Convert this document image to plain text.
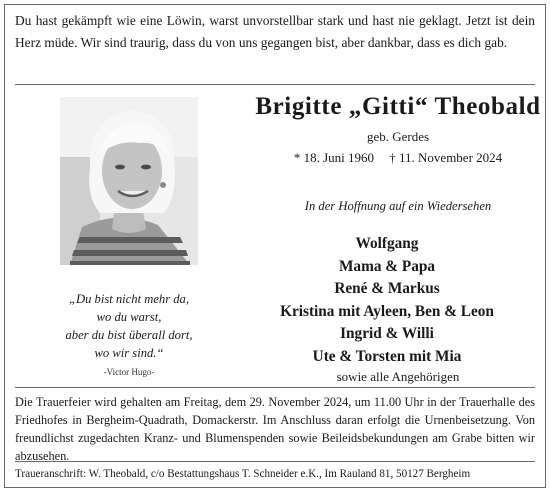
Du hast gekämpft wie eine Löwin, warst unvorstellbar stark und hast nie geklagt. Jetzt ist dein Herz müde. Wir sind traurig, dass du von uns gegangen bist, aber dankbar, dass es dich gab.
„Du bist nicht mehr da,
wo du warst,
aber du bist überall dort,
wo wir sind.“
-Victor Hugo-
Brigitte „Gitti“ Theobald
geb. Gerdes
* 18. Juni 1960 † 11. November 2024
In der Hoffnung auf ein Wiedersehen
Wolfgang
Mama & Papa
René & Markus
Kristina mit Ayleen, Ben & Leon
Ingrid & Willi
Ute & Torsten mit Mia
sowie alle Angehörigen
Die Trauerfeier wird gehalten am Freitag, dem 29. November 2024, um 11.00 Uhr in der Trauerhalle des Friedhofes in Bergheim-Quadrath, Domackerstr. Im Anschluss daran erfolgt die Urnenbeisetzung. Von freundlichst zugedachten Kranz- und Blumenspenden sowie Beileidsbekundungen am Grabe bitten wir abzusehen.
Traueranschrift: W. Theobald, c/o Bestattungshaus T. Schneider e.K., Im Rauland 81, 50127 Bergheim
